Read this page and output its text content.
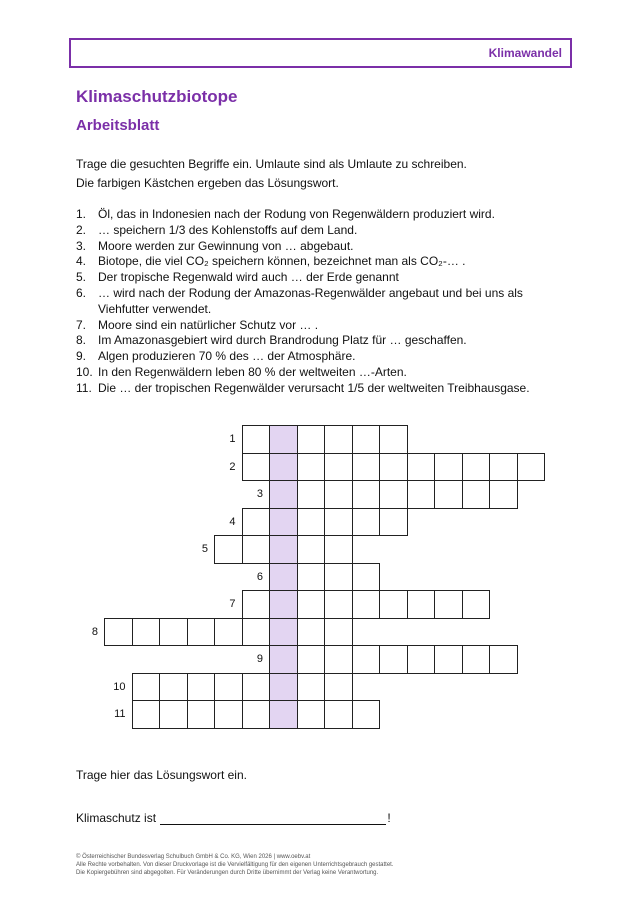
Klimawandel
Klimaschutzbiotope
Arbeitsblatt
Trage die gesuchten Begriffe ein. Umlaute sind als Umlaute zu schreiben.
Die farbigen Kästchen ergeben das Lösungswort.
1. Öl, das in Indonesien nach der Rodung von Regenwäldern produziert wird.
2. … speichern 1/3 des Kohlenstoffs auf dem Land.
3. Moore werden zur Gewinnung von … abgebaut.
4. Biotope, die viel CO₂ speichern können, bezeichnet man als CO₂-… .
5. Der tropische Regenwald wird auch … der Erde genannt
6. … wird nach der Rodung der Amazonas-Regenwälder angebaut und bei uns als
Viehfutter verwendet.
7. Moore sind ein natürlicher Schutz vor … .
8. Im Amazonasgebiert wird durch Brandrodung Platz für … geschaffen.
9. Algen produzieren 70 % des … der Atmosphäre.
10. In den Regenwäldern leben 80 % der weltweiten …-Arten.
11. Die … der tropischen Regenwälder verursacht 1/5 der weltweiten Treibhausgase.
1
2
3
4
5
6
7
8
9
10
11
Trage hier das Lösungswort ein.
Klimaschutz ist	!
© Österreichischer Bundesverlag Schulbuch GmbH & Co. KG, Wien 2026 | www.oebv.at
Alle Rechte vorbehalten. Von dieser Druckvorlage ist die Vervielfältigung für den eigenen Unterrichtsgebrauch gestattet.
Die Kopiergebühren sind abgegolten. Für Veränderungen durch Dritte übernimmt der Verlag keine Verantwortung.
